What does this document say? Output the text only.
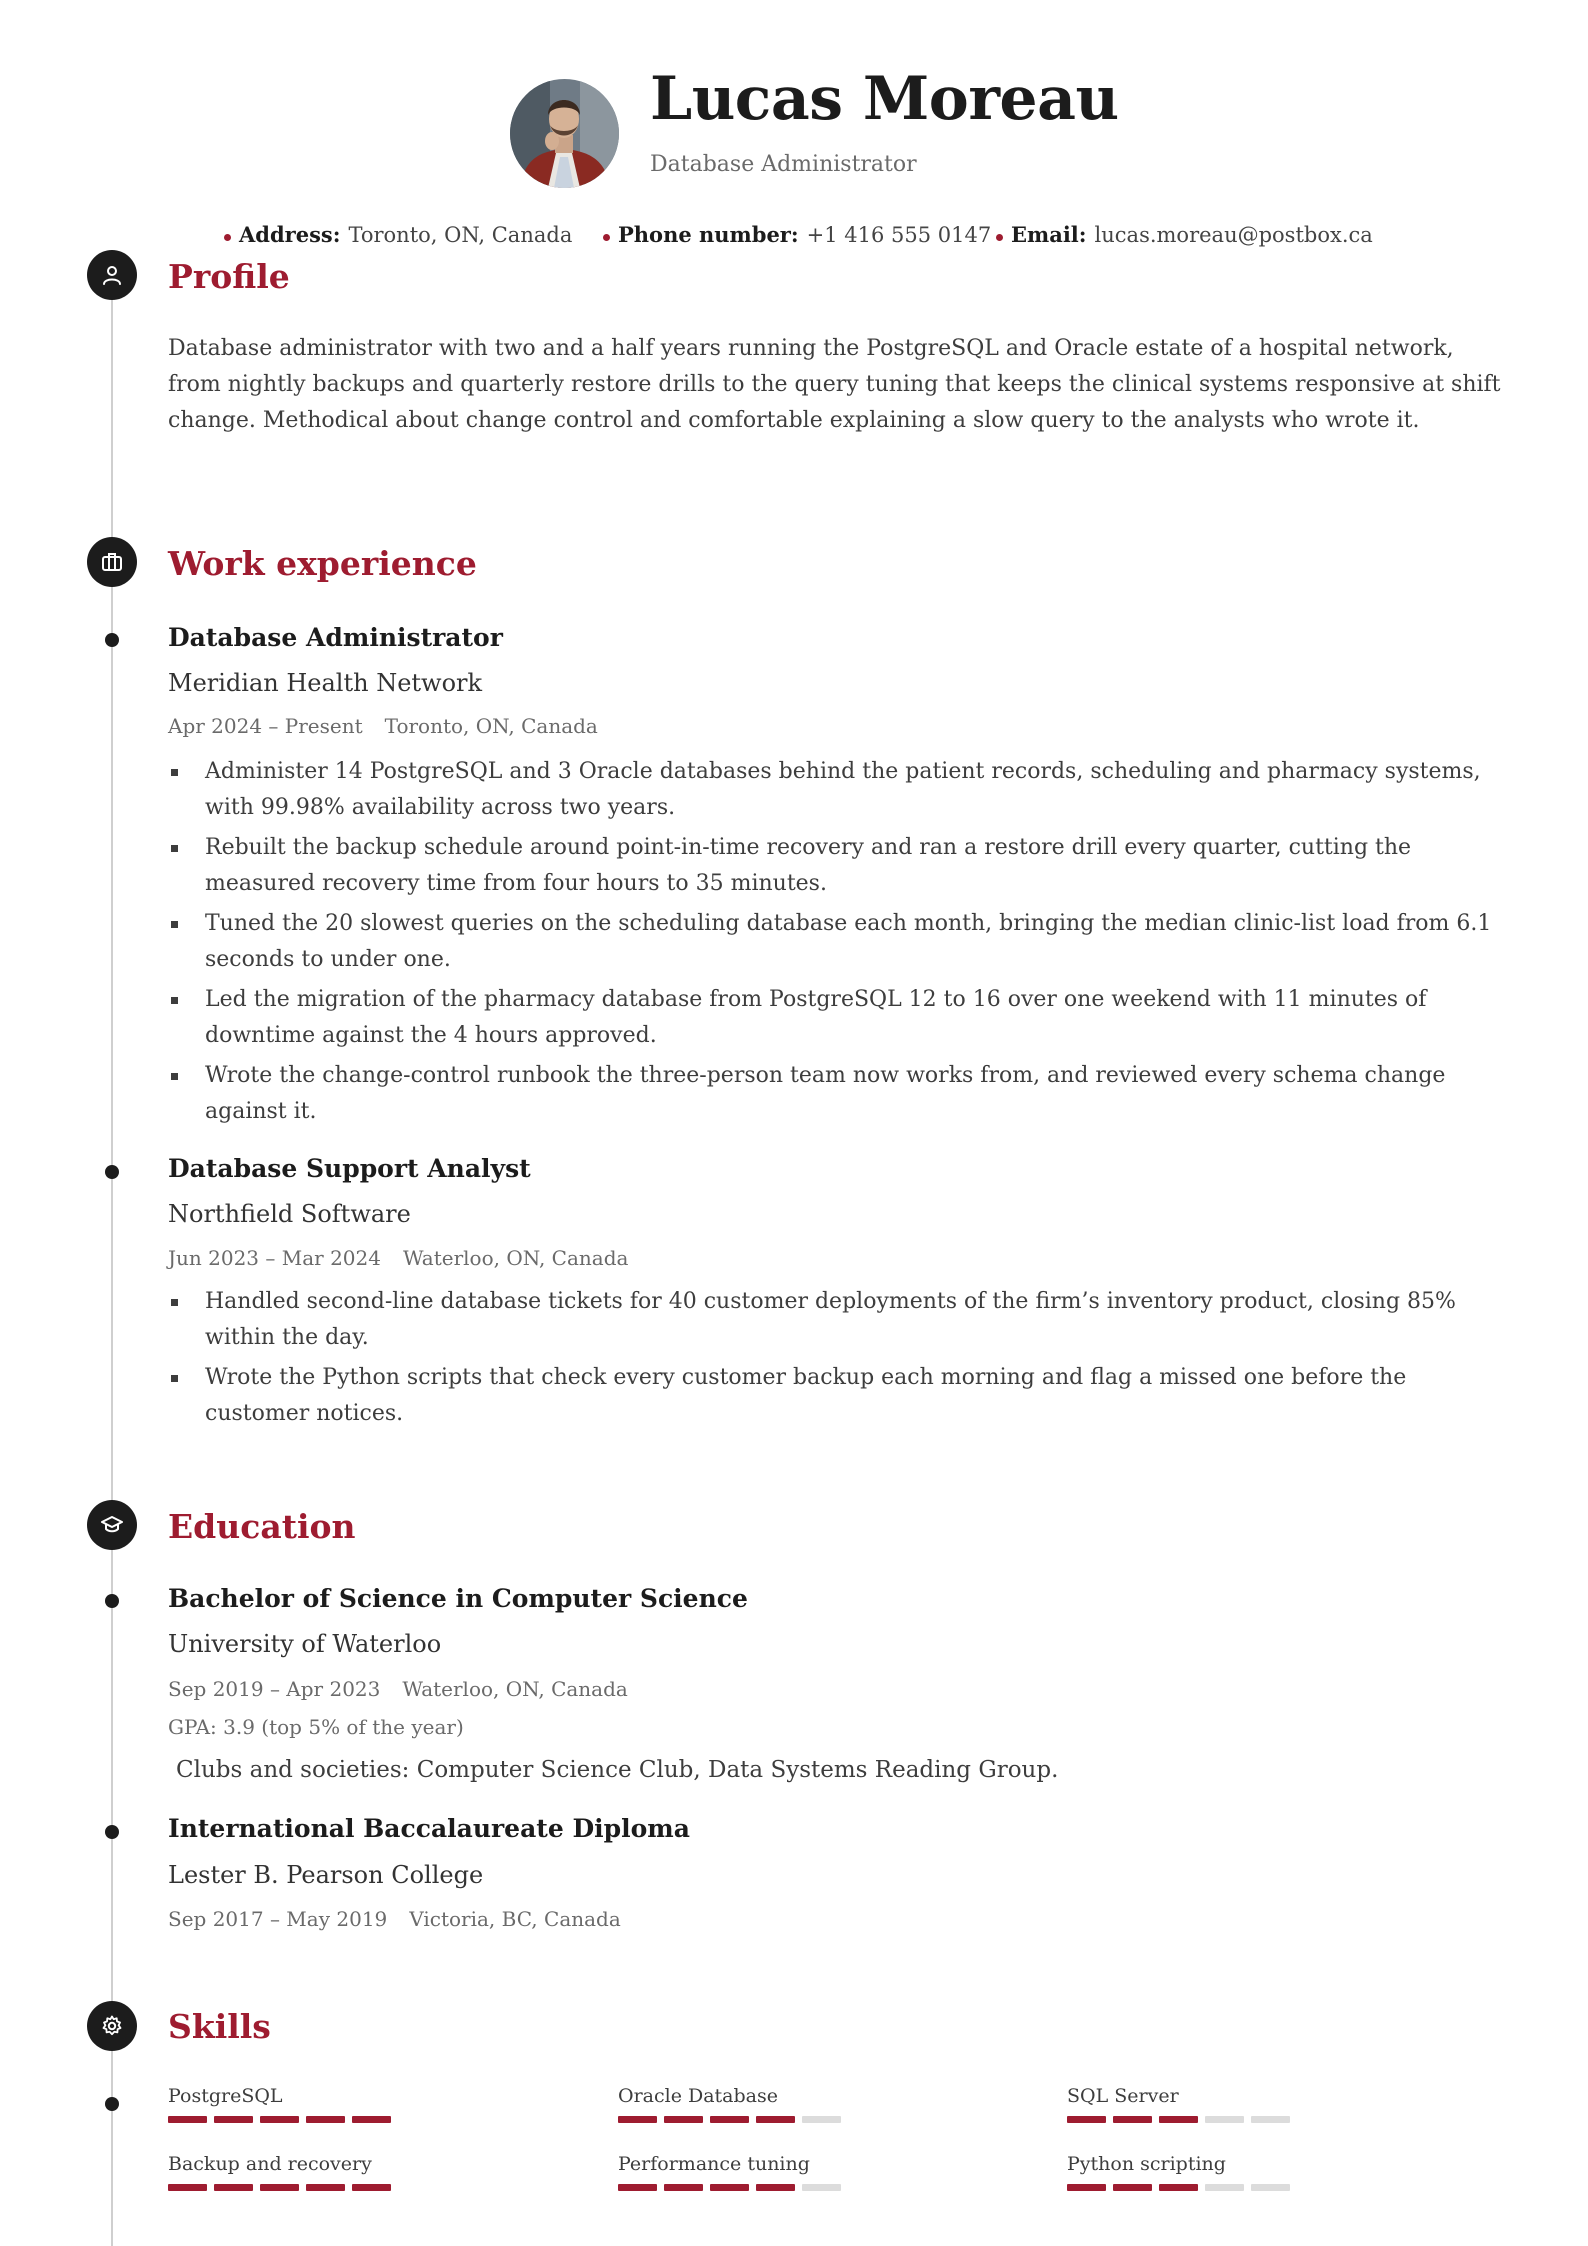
Lucas Moreau
Database Administrator
Address: Toronto, ON, Canada	Phone number: +1 416 555 0147 Email: lucas.moreau@postbox.ca
Profile
Database administrator with two and a half years running the PostgreSQL and Oracle estate of a hospital network, from nightly backups and quarterly restore drills to the query tuning that keeps the clinical systems responsive at shift change. Methodical about change control and comfortable explaining a slow query to the analysts who wrote it.
Work experience
Database Administrator
Meridian Health Network
Apr 2024 – Present Toronto, ON, Canada
Administer 14 PostgreSQL and 3 Oracle databases behind the patient records, scheduling and pharmacy systems, with 99.98% availability across two years.
Rebuilt the backup schedule around point-in-time recovery and ran a restore drill every quarter, cutting the measured recovery time from four hours to 35 minutes.
Tuned the 20 slowest queries on the scheduling database each month, bringing the median clinic-list load from 6.1 seconds to under one.
Led the migration of the pharmacy database from PostgreSQL 12 to 16 over one weekend with 11 minutes of downtime against the 4 hours approved.
Wrote the change-control runbook the three-person team now works from, and reviewed every schema change against it.
Database Support Analyst
Northfield Software
Jun 2023 – Mar 2024 Waterloo, ON, Canada
Handled second-line database tickets for 40 customer deployments of the firm’s inventory product, closing 85% within the day.
Wrote the Python scripts that check every customer backup each morning and flag a missed one before the customer notices.
Education
Bachelor of Science in Computer Science
University of Waterloo
Sep 2019 – Apr 2023 Waterloo, ON, Canada
GPA: 3.9 (top 5% of the year)
Clubs and societies: Computer Science Club, Data Systems Reading Group.
International Baccalaureate Diploma
Lester B. Pearson College
Sep 2017 – May 2019 Victoria, BC, Canada
Skills
PostgreSQL	Oracle Database	SQL Server
Backup and recovery	Performance tuning	Python scripting
